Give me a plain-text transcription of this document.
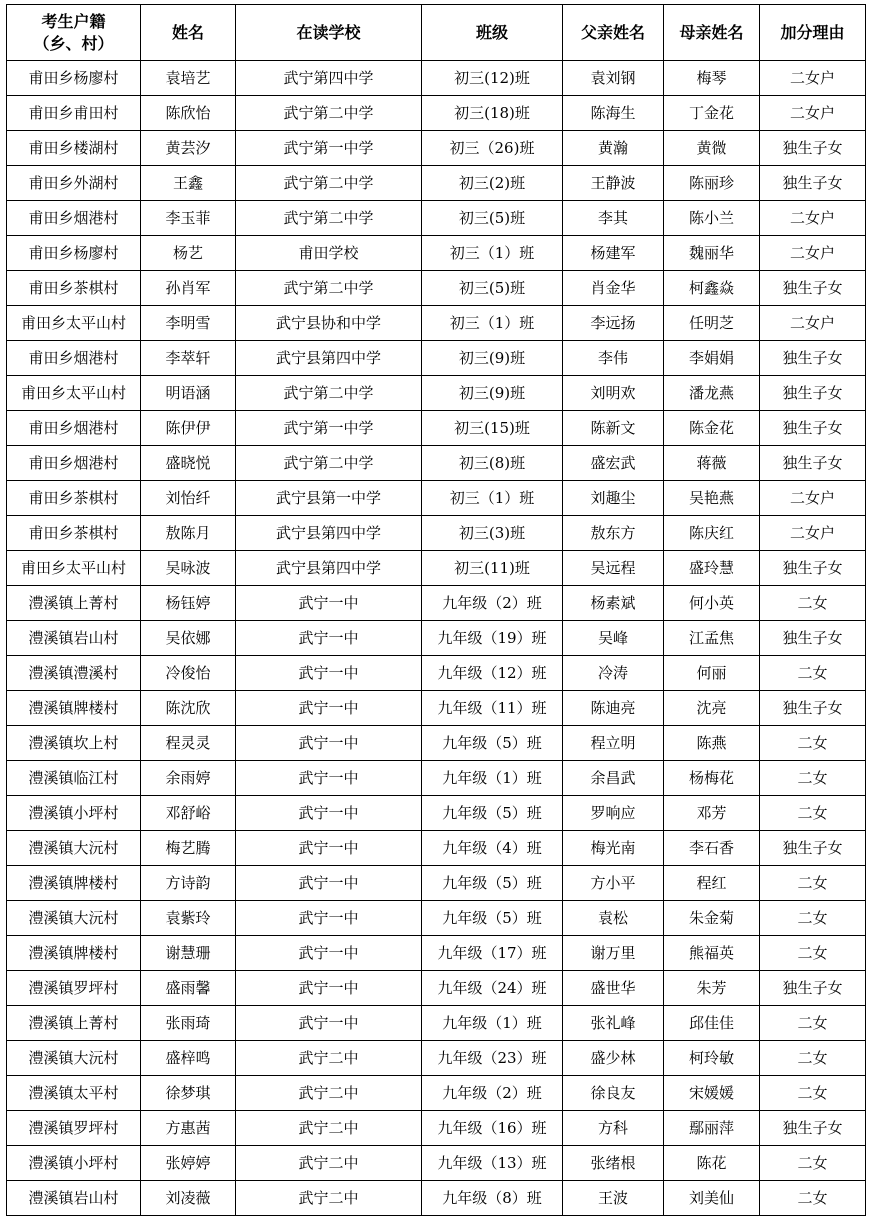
考生户籍
（乡、村）	姓名	在读学校	班级	父亲姓名	母亲姓名	加分理由
甫田乡杨廖村	袁培艺	武宁第四中学	初三(12)班	袁刘钢	梅琴	二女户
甫田乡甫田村	陈欣怡	武宁第二中学	初三(18)班	陈海生	丁金花	二女户
甫田乡楼湖村	黄芸汐	武宁第一中学	初三（26)班	黄瀚	黄微	独生子女
甫田乡外湖村	王鑫	武宁第二中学	初三(2)班	王静波	陈丽珍	独生子女
甫田乡烟港村	李玉菲	武宁第二中学	初三(5)班	李其	陈小兰	二女户
甫田乡杨廖村	杨艺	甫田学校	初三（1）班	杨建军	魏丽华	二女户
甫田乡茶棋村	孙肖军	武宁第二中学	初三(5)班	肖金华	柯鑫焱	独生子女
甫田乡太平山村	李明雪	武宁县协和中学	初三（1）班	李远扬	任明芝	二女户
甫田乡烟港村	李萃轩	武宁县第四中学	初三(9)班	李伟	李娟娟	独生子女
甫田乡太平山村	明语涵	武宁第二中学	初三(9)班	刘明欢	潘龙燕	独生子女
甫田乡烟港村	陈伊伊	武宁第一中学	初三(15)班	陈新文	陈金花	独生子女
甫田乡烟港村	盛晓悦	武宁第二中学	初三(8)班	盛宏武	蒋薇	独生子女
甫田乡茶棋村	刘怡纤	武宁县第一中学	初三（1）班	刘趣尘	吴艳燕	二女户
甫田乡茶棋村	敖陈月	武宁县第四中学	初三(3)班	敖东方	陈庆红	二女户
甫田乡太平山村	吴咏波	武宁县第四中学	初三(11)班	吴远程	盛玲慧	独生子女
澧溪镇上菁村	杨钰婷	武宁一中	九年级（2）班	杨素斌	何小英	二女
澧溪镇岩山村	吴依娜	武宁一中	九年级（19）班	吴峰	江孟焦	独生子女
澧溪镇澧溪村	冷俊怡	武宁一中	九年级（12）班	冷涛	何丽	二女
澧溪镇牌楼村	陈沈欣	武宁一中	九年级（11）班	陈迪亮	沈亮	独生子女
澧溪镇坎上村	程灵灵	武宁一中	九年级（5）班	程立明	陈燕	二女
澧溪镇临江村	余雨婷	武宁一中	九年级（1）班	余昌武	杨梅花	二女
澧溪镇小坪村	邓舒峪	武宁一中	九年级（5）班	罗响应	邓芳	二女
澧溪镇大沅村	梅艺腾	武宁一中	九年级（4）班	梅光南	李石香	独生子女
澧溪镇牌楼村	方诗韵	武宁一中	九年级（5）班	方小平	程红	二女
澧溪镇大沅村	袁紫玲	武宁一中	九年级（5）班	袁松	朱金菊	二女
澧溪镇牌楼村	谢慧珊	武宁一中	九年级（17）班	谢万里	熊福英	二女
澧溪镇罗坪村	盛雨馨	武宁一中	九年级（24）班	盛世华	朱芳	独生子女
澧溪镇上菁村	张雨琦	武宁一中	九年级（1）班	张礼峰	邱佳佳	二女
澧溪镇大沅村	盛梓鸣	武宁二中	九年级（23）班	盛少林	柯玲敏	二女
澧溪镇太平村	徐梦琪	武宁二中	九年级（2）班	徐良友	宋媛媛	二女
澧溪镇罗坪村	方惠茜	武宁二中	九年级（16）班	方科	鄢丽萍	独生子女
澧溪镇小坪村	张婷婷	武宁二中	九年级（13）班	张绪根	陈花	二女
澧溪镇岩山村	刘凌薇	武宁二中	九年级（8）班	王波	刘美仙	二女
